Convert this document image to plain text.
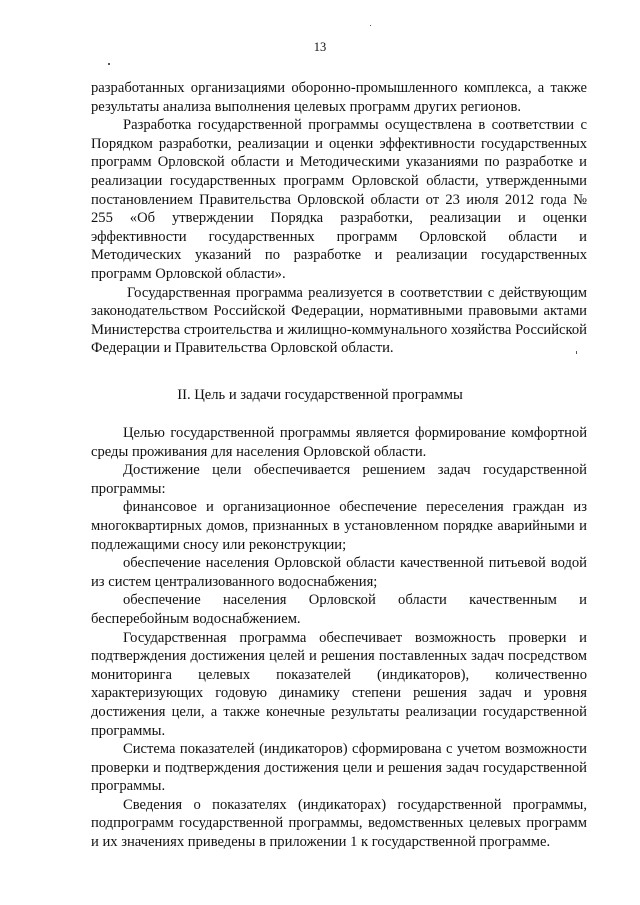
13

разработанных организациями оборонно-промышленного комплекса, а также результаты анализа выполнения целевых программ других регионов.

Разработка государственной программы осуществлена в соответствии с Порядком разработки, реализации и оценки эффективности государственных программ Орловской области и Методическими указаниями по разработке и реализации государственных программ Орловской области, утвержденными постановлением Правительства Орловской области от 23 июля 2012 года № 255 «Об утверждении Порядка разработки, реализации и оценки эффективности государственных программ Орловской области и Методических указаний по разработке и реализации государственных программ Орловской области».

Государственная программа реализуется в соответствии с действующим законодательством Российской Федерации, нормативными правовыми актами Министерства строительства и жилищно-коммунального хозяйства Российской Федерации и Правительства Орловской области.

II. Цель и задачи государственной программы

Целью государственной программы является формирование комфортной среды проживания для населения Орловской области.

Достижение цели обеспечивается решением задач государственной программы:

финансовое и организационное обеспечение переселения граждан из многоквартирных домов, признанных в установленном порядке аварийными и подлежащими сносу или реконструкции;

обеспечение населения Орловской области качественной питьевой водой из систем централизованного водоснабжения;

обеспечение населения Орловской области качественным и бесперебойным водоснабжением.

Государственная программа обеспечивает возможность проверки и подтверждения достижения целей и решения поставленных задач посредством мониторинга целевых показателей (индикаторов), количественно характеризующих годовую динамику степени решения задач и уровня достижения цели, а также конечные результаты реализации государственной программы.

Система показателей (индикаторов) сформирована с учетом возможности проверки и подтверждения достижения цели и решения задач государственной программы.

Сведения о показателях (индикаторах) государственной программы, подпрограмм государственной программы, ведомственных целевых программ и их значениях приведены в приложении 1 к государственной программе.
